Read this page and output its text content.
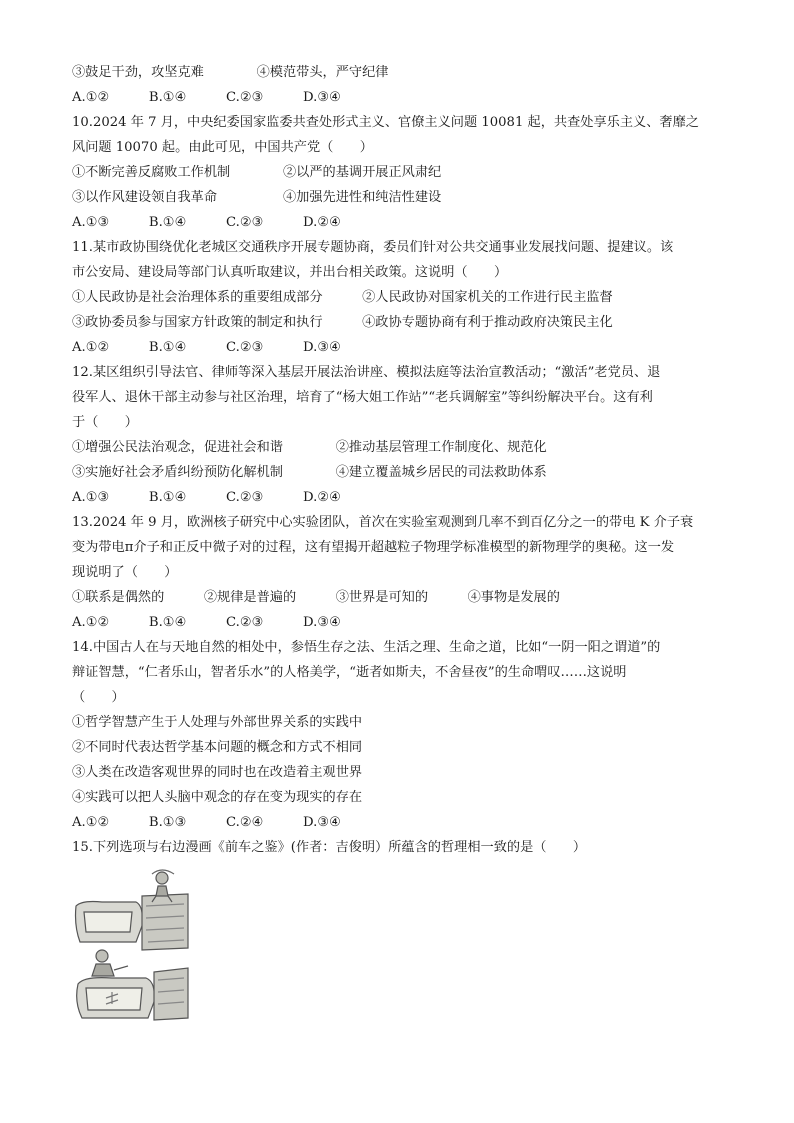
③鼓足干劲，攻坚克难　　　　④模范带头，严守纪律
A.①②　　　B.①④　　　C.②③　　　D.③④
10.2024 年 7 月，中央纪委国家监委共查处形式主义、官僚主义问题 10081 起，共查处享乐主义、奢靡之
风问题 10070 起。由此可见，中国共产党（　　）
①不断完善反腐败工作机制　　　　②以严的基调开展正风肃纪
③以作风建设领自我革命　　　　　④加强先进性和纯洁性建设
A.①③　　　B.①④　　　C.②③　　　D.②④
11.某市政协围绕优化老城区交通秩序开展专题协商，委员们针对公共交通事业发展找问题、提建议。该
市公安局、建设局等部门认真听取建议，并出台相关政策。这说明（　　）
①人民政协是社会治理体系的重要组成部分　　　②人民政协对国家机关的工作进行民主监督
③政协委员参与国家方针政策的制定和执行　　　④政协专题协商有利于推动政府决策民主化
A.①②　　　B.①④　　　C.②③　　　D.③④
12.某区组织引导法官、律师等深入基层开展法治讲座、模拟法庭等法治宣教活动；“激活”老党员、退
役军人、退休干部主动参与社区治理，培育了“杨大姐工作站”“老兵调解室”等纠纷解决平台。这有利
于（　　）
①增强公民法治观念，促进社会和谐　　　　②推动基层管理工作制度化、规范化
③实施好社会矛盾纠纷预防化解机制　　　　④建立覆盖城乡居民的司法救助体系
A.①③　　　B.①④　　　C.②③　　　D.②④
13.2024 年 9 月，欧洲核子研究中心实验团队，首次在实验室观测到几率不到百亿分之一的带电 K 介子衰
变为带电π介子和正反中微子对的过程，这有望揭开超越粒子物理学标准模型的新物理学的奥秘。这一发
现说明了（　　）
①联系是偶然的　　　②规律是普遍的　　　③世界是可知的　　　④事物是发展的
A.①②　　　B.①④　　　C.②③　　　D.③④
14.中国古人在与天地自然的相处中，参悟生存之法、生活之理、生命之道，比如“一阴一阳之谓道”的
辩证智慧，“仁者乐山，智者乐水”的人格美学，“逝者如斯夫，不舍昼夜”的生命喟叹……这说明
（　　）
①哲学智慧产生于人处理与外部世界关系的实践中
②不同时代表达哲学基本问题的概念和方式不相同
③人类在改造客观世界的同时也在改造着主观世界
④实践可以把人头脑中观念的存在变为现实的存在
A.①②　　　B.①③　　　C.②④　　　D.③④
15.下列选项与右边漫画《前车之鉴》(作者：吉俊明）所蕴含的哲理相一致的是（　　）
